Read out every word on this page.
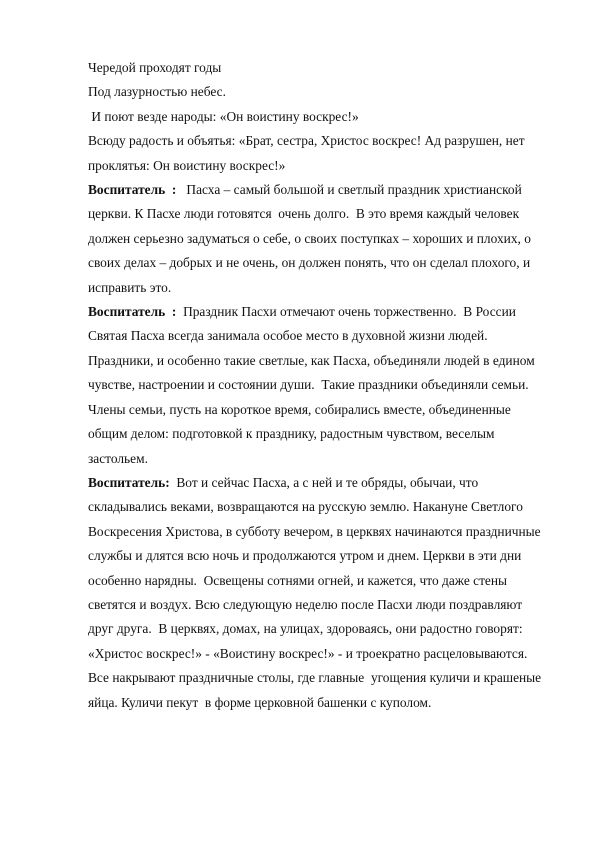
Чередой проходят годы

Под лазурностью небес.

И поют везде народы: «Он воистину воскрес!»

Всюду радость и объятья: «Брат, сестра, Христос воскрес! Ад разрушен, нет проклятья: Он воистину воскрес!»

Воспитатель  :   Пасха – самый большой и светлый праздник христианской церкви. К Пасхе люди готовятся  очень долго.  В это время каждый человек должен серьезно задуматься о себе, о своих поступках – хороших и плохих, о своих делах – добрых и не очень, он должен понять, что он сделал плохого, и исправить это.

Воспитатель  :  Праздник Пасхи отмечают очень торжественно.  В России Святая Пасха всегда занимала особое место в духовной жизни людей. Праздники, и особенно такие светлые, как Пасха, объединяли людей в едином чувстве, настроении и состоянии души.  Такие праздники объединяли семьи. Члены семьи, пусть на короткое время, собирались вместе, объединенные общим делом: подготовкой к празднику, радостным чувством, веселым застольем.

Воспитатель:  Вот и сейчас Пасха, а с ней и те обряды, обычаи, что складывались веками, возвращаются на русскую землю. Накануне Светлого Воскресения Христова, в субботу вечером, в церквях начинаются праздничные службы и длятся всю ночь и продолжаются утром и днем. Церкви в эти дни особенно нарядны.  Освещены сотнями огней, и кажется, что даже стены светятся и воздух. Всю следующую неделю после Пасхи люди поздравляют друг друга.  В церквях, домах, на улицах, здороваясь, они радостно говорят: «Христос воскрес!» - «Воистину воскрес!» - и троекратно расцеловываются. Все накрывают праздничные столы, где главные  угощения куличи и крашеные яйца. Куличи пекут  в форме церковной башенки с куполом.
